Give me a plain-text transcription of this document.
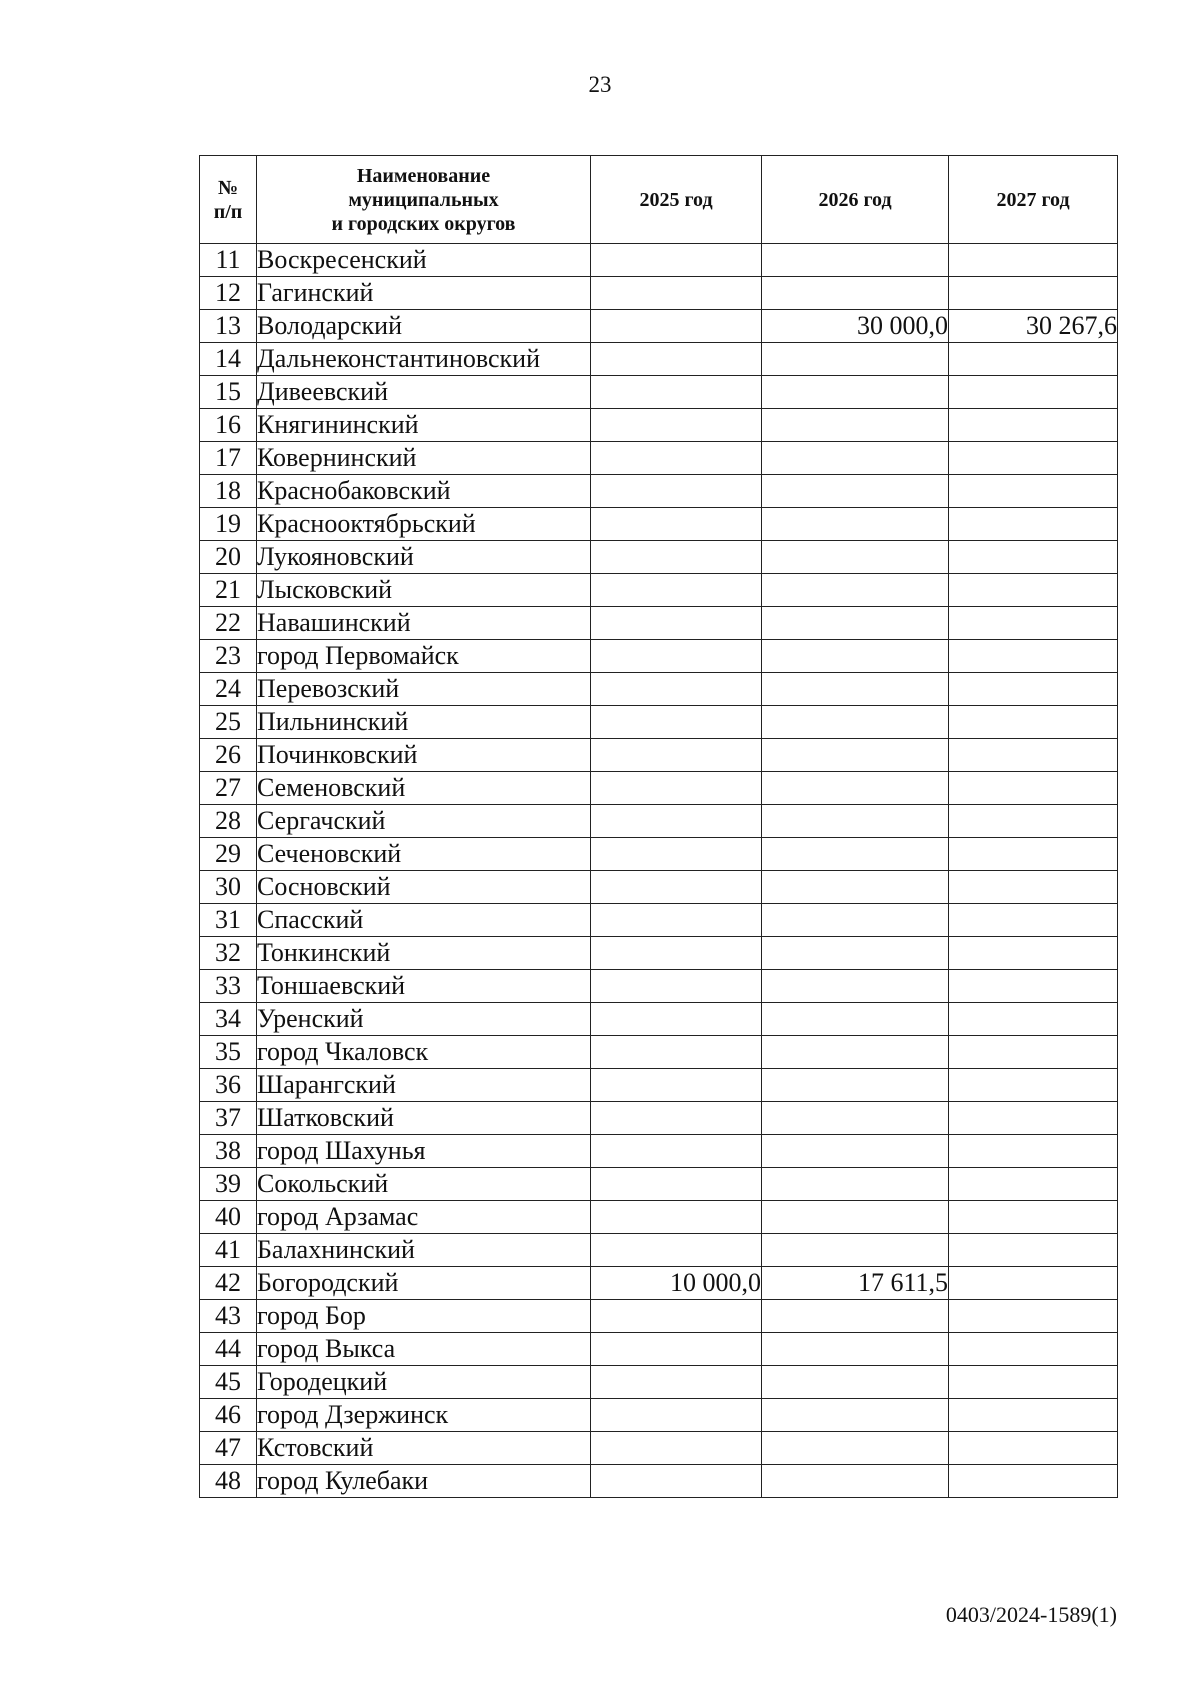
23
№
п/п	Наименование
муниципальных
и городских округов	2025 год	2026 год	2027 год
11	Воскресенский			
12	Гагинский			
13	Володарский		30 000,0	30 267,6
14	Дальнеконстантиновский			
15	Дивеевский			
16	Княгининский			
17	Ковернинский			
18	Краснобаковский			
19	Краснооктябрьский			
20	Лукояновский			
21	Лысковский			
22	Навашинский			
23	город Первомайск			
24	Перевозский			
25	Пильнинский			
26	Починковский			
27	Семеновский			
28	Сергачский			
29	Сеченовский			
30	Сосновский			
31	Спасский			
32	Тонкинский			
33	Тоншаевский			
34	Уренский			
35	город Чкаловск			
36	Шарангский			
37	Шатковский			
38	город Шахунья			
39	Сокольский			
40	город Арзамас			
41	Балахнинский			
42	Богородский	10 000,0	17 611,5	
43	город Бор			
44	город Выкса			
45	Городецкий			
46	город Дзержинск			
47	Кстовский			
48	город Кулебаки			
0403/2024-1589(1)
